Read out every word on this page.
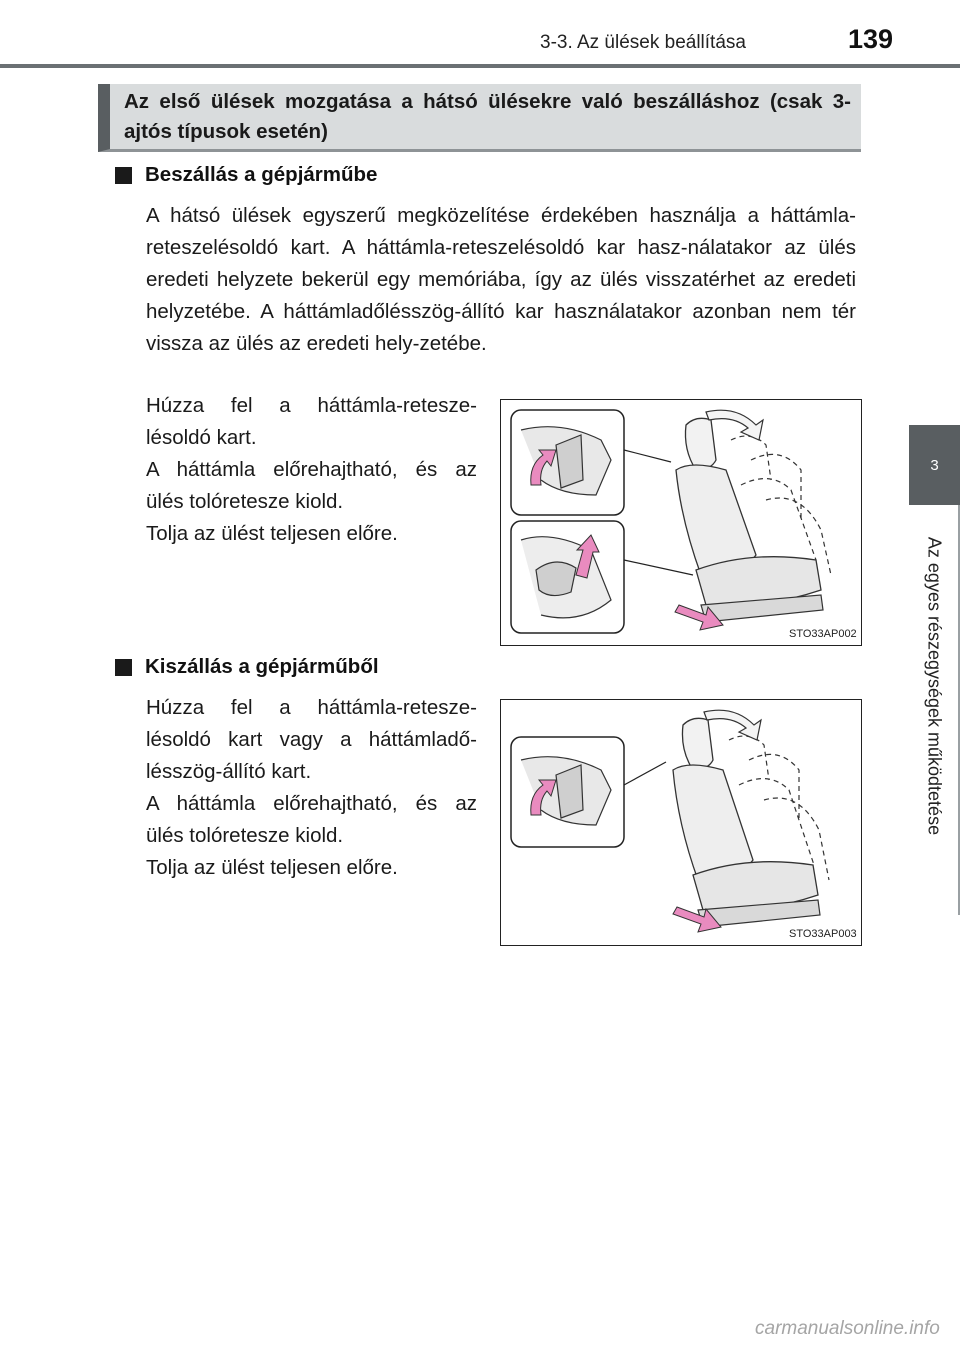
3-3. Az ülések beállítása	139
3
Az egyes részegységek működtetése
Az első ülések mozgatása a hátsó ülésekre való beszálláshoz (csak 3-ajtós típusok esetén)
Beszállás a gépjárműbe
A hátsó ülések egyszerű megközelítése érdekében használja a háttámla-reteszelésoldó kart. A háttámla-reteszelésoldó kar hasz-nálatakor az ülés eredeti helyzete bekerül egy memóriába, így az ülés visszatérhet az eredeti helyzetébe. A háttámladőlésszög-állító kar használatakor azonban nem tér vissza az ülés az eredeti hely-zetébe.
Húzza fel a háttámla-retesze-
lésoldó kart.
A háttámla előrehajtható, és az
ülés tolóretesze kiold.
Tolja az ülést teljesen előre.
STO33AP002
Kiszállás a gépjárműből
Húzza fel a háttámla-retesze-
lésoldó kart vagy a háttámladő-
lésszög-állító kart.
A háttámla előrehajtható, és az
ülés tolóretesze kiold.
Tolja az ülést teljesen előre.
STO33AP003
carmanualsonline.info
